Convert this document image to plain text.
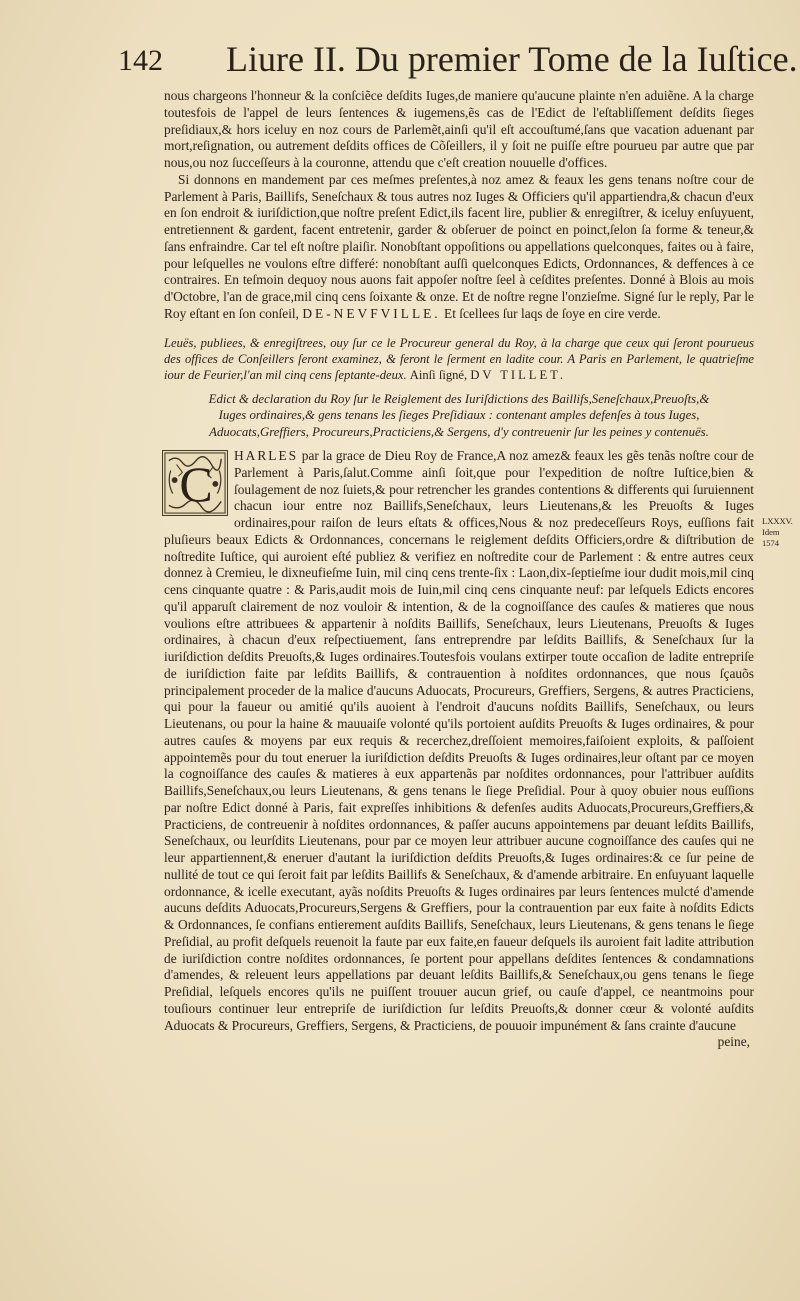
142 Liure II. Du premier Tome de la Iuſtice.
LXXXV.
Idem 1574

nous chargeons l'honneur & la conſciẽce deſdits Iuges,de maniere qu'aucune plainte n'en aduiẽne. A la charge toutesfois de l'appel de leurs ſentences & iugemens,ẽs cas de l'Edict de l'eſtabliſſement deſdits ſieges preſidiaux,& hors iceluy en noz cours de Parlemẽt,ainſi qu'il eſt accouſtumé,ſans que vacation aduenant par mort,reſignation, ou autrement deſdits offices de Cõſeillers, il y ſoit ne puiſſe eſtre pourueu par autre que par nous,ou noz ſucceſſeurs à la couronne, attendu que c'eſt creation nouuelle d'offices.

Si donnons en mandement par ces meſmes preſentes,à noz amez & feaux les gens tenans noſtre cour de Parlement à Paris, Baillifs, Seneſchaux & tous autres noz Iuges & Officiers qu'il appartiendra,& chacun d'eux en ſon endroit & iuriſdiction,que noſtre preſent Edict,ils facent lire, publier & enregiſtrer, & iceluy enſuyuent, entretiennent & gardent, facent entretenir, garder & obſeruer de poinct en poinct,ſelon ſa forme & teneur,& ſans enfraindre. Car tel eſt noſtre plaiſir. Nonobſtant oppoſitions ou appellations quelconques, faites ou à faire, pour leſquelles ne voulons eſtre differé: nonobſtant auſſi quelconques Edicts, Ordonnances, & deffences à ce contraires. En teſmoin dequoy nous auons fait appoſer noſtre ſeel à ceſdites preſentes. Donné à Blois au mois d'Octobre, l'an de grace,mil cinq cens ſoixante & onze. Et de noſtre regne l'onzieſme. Signé ſur le reply, Par le Roy eſtant en ſon conſeil, DE-NEVFVILLE. Et ſcellees ſur laqs de ſoye en cire verde.

Leuës, publiees, & enregiſtrees, ouy ſur ce le Procureur general du Roy, à la charge que ceux qui ſeront pourueus des offices de Conſeillers ſeront examinez, & feront le ſerment en ladite cour. A Paris en Parlement, le quatrieſme iour de Feurier,l'an mil cinq cens ſeptante-deux. Ainſi ſigné, DV TILLET.

Edict & declaration du Roy ſur le Reiglement des Iuriſdictions des Baillifs,Seneſchaux,Preuoſts,& Iuges ordinaires,& gens tenans les ſieges Preſidiaux : contenant amples defenſes à tous Iuges, Aduocats,Greffiers, Procureurs,Practiciens,& Sergens, d'y contreuenir ſur les peines y contenuës.

C

HARLES par la grace de Dieu Roy de France,A noz amez& feaux les gẽs tenãs noſtre cour de Parlement à Paris,ſalut.Comme ainſi ſoit,que pour l'expedition de noſtre Iuſtice,bien & ſoulagement de noz ſuiets,& pour retrencher les grandes contentions & differents qui ſuruiennent chacun iour entre noz Baillifs,Seneſchaux, leurs Lieutenans,& les Preuoſts & Iuges ordinaires,pour raiſon de leurs eſtats & offices,Nous & noz predeceſſeurs Roys, euſſions fait pluſieurs beaux Edicts & Ordonnances, concernans le reiglement deſdits Officiers,ordre & diſtribution de noſtredite Iuſtice, qui auroient eſté publiez & verifiez en noſtredite cour de Parlement : & entre autres ceux donnez à Cremieu, le dixneufieſme Iuin, mil cinq cens trente-ſix : Laon,dix-ſeptieſme iour dudit mois,mil cinq cens cinquante quatre : & Paris,audit mois de Iuin,mil cinq cens cinquante neuf: par leſquels Edicts encores qu'il apparuſt clairement de noz vouloir & intention, & de la cognoiſſance des cauſes & matieres que nous voulions eſtre attribuees & appartenir à noſdits Baillifs, Seneſchaux, leurs Lieutenans, Preuoſts & Iuges ordinaires, à chacun d'eux reſpectiuement, ſans entreprendre par leſdits Baillifs, & Seneſchaux ſur la iuriſdiction deſdits Preuoſts,& Iuges ordinaires.Toutesfois voulans extirper toute occaſion de ladite entrepriſe de iuriſdiction faite par leſdits Baillifs, & contrauention à noſdites ordonnances, que nous ſçauõs principalement proceder de la malice d'aucuns Aduocats, Procureurs, Greffiers, Sergens, & autres Practiciens, qui pour la faueur ou amitié qu'ils auoient à l'endroit d'aucuns noſdits Baillifs, Seneſchaux, ou leurs Lieutenans, ou pour la haine & mauuaiſe volonté qu'ils portoient auſdits Preuoſts & Iuges ordinaires, & pour autres cauſes & moyens par eux requis & recerchez,dreſſoient memoires,faiſoient exploits, & paſſoient appointemẽs pour du tout eneruer la iuriſdiction deſdits Preuoſts & Iuges ordinaires,leur oſtant par ce moyen la cognoiſſance des cauſes & matieres à eux appartenãs par noſdites ordonnances, pour l'attribuer auſdits Baillifs,Seneſchaux,ou leurs Lieutenans, & gens tenans le ſiege Preſidial. Pour à quoy obuier nous euſſions par noſtre Edict donné à Paris, fait expreſſes inhibitions & defenſes audits Aduocats,Procureurs,Greffiers,& Practiciens, de contreuenir à noſdites ordonnances, & paſſer aucuns appointemens par deuant leſdits Baillifs, Seneſchaux, ou leurſdits Lieutenans, pour par ce moyen leur attribuer aucune cognoiſſance des cauſes qui ne leur appartiennent,& eneruer d'autant la iuriſdiction deſdits Preuoſts,& Iuges ordinaires:& ce ſur peine de nullité de tout ce qui ſeroit fait par leſdits Baillifs & Seneſchaux, & d'amende arbitraire. En enſuyuant laquelle ordonnance, & icelle executant, ayãs noſdits Preuoſts & Iuges ordinaires par leurs ſentences mulcté d'amende aucuns deſdits Aduocats,Procureurs,Sergens & Greffiers, pour la contrauention par eux faite à noſdits Edicts & Ordonnances, ſe confians entierement auſdits Baillifs, Seneſchaux, leurs Lieutenans, & gens tenans le ſiege Preſidial, au profit deſquels reuenoit la faute par eux faite,en faueur deſquels ils auroient fait ladite attribution de iuriſdiction contre noſdites ordonnances, ſe portent pour appellans deſdites ſentences & condamnations d'amendes, & releuent leurs appellations par deuant leſdits Baillifs,& Seneſchaux,ou gens tenans le ſiege Preſidial, leſquels encores qu'ils ne puiſſent trouuer aucun grief, ou cauſe d'appel, ce neantmoins pour touſiours continuer leur entrepriſe de iuriſdiction ſur leſdits Preuoſts,& donner cœur & volonté auſdits Aduocats & Procureurs, Greffiers, Sergens, & Practiciens, de pouuoir impunément & ſans crainte d'aucune

peine,
